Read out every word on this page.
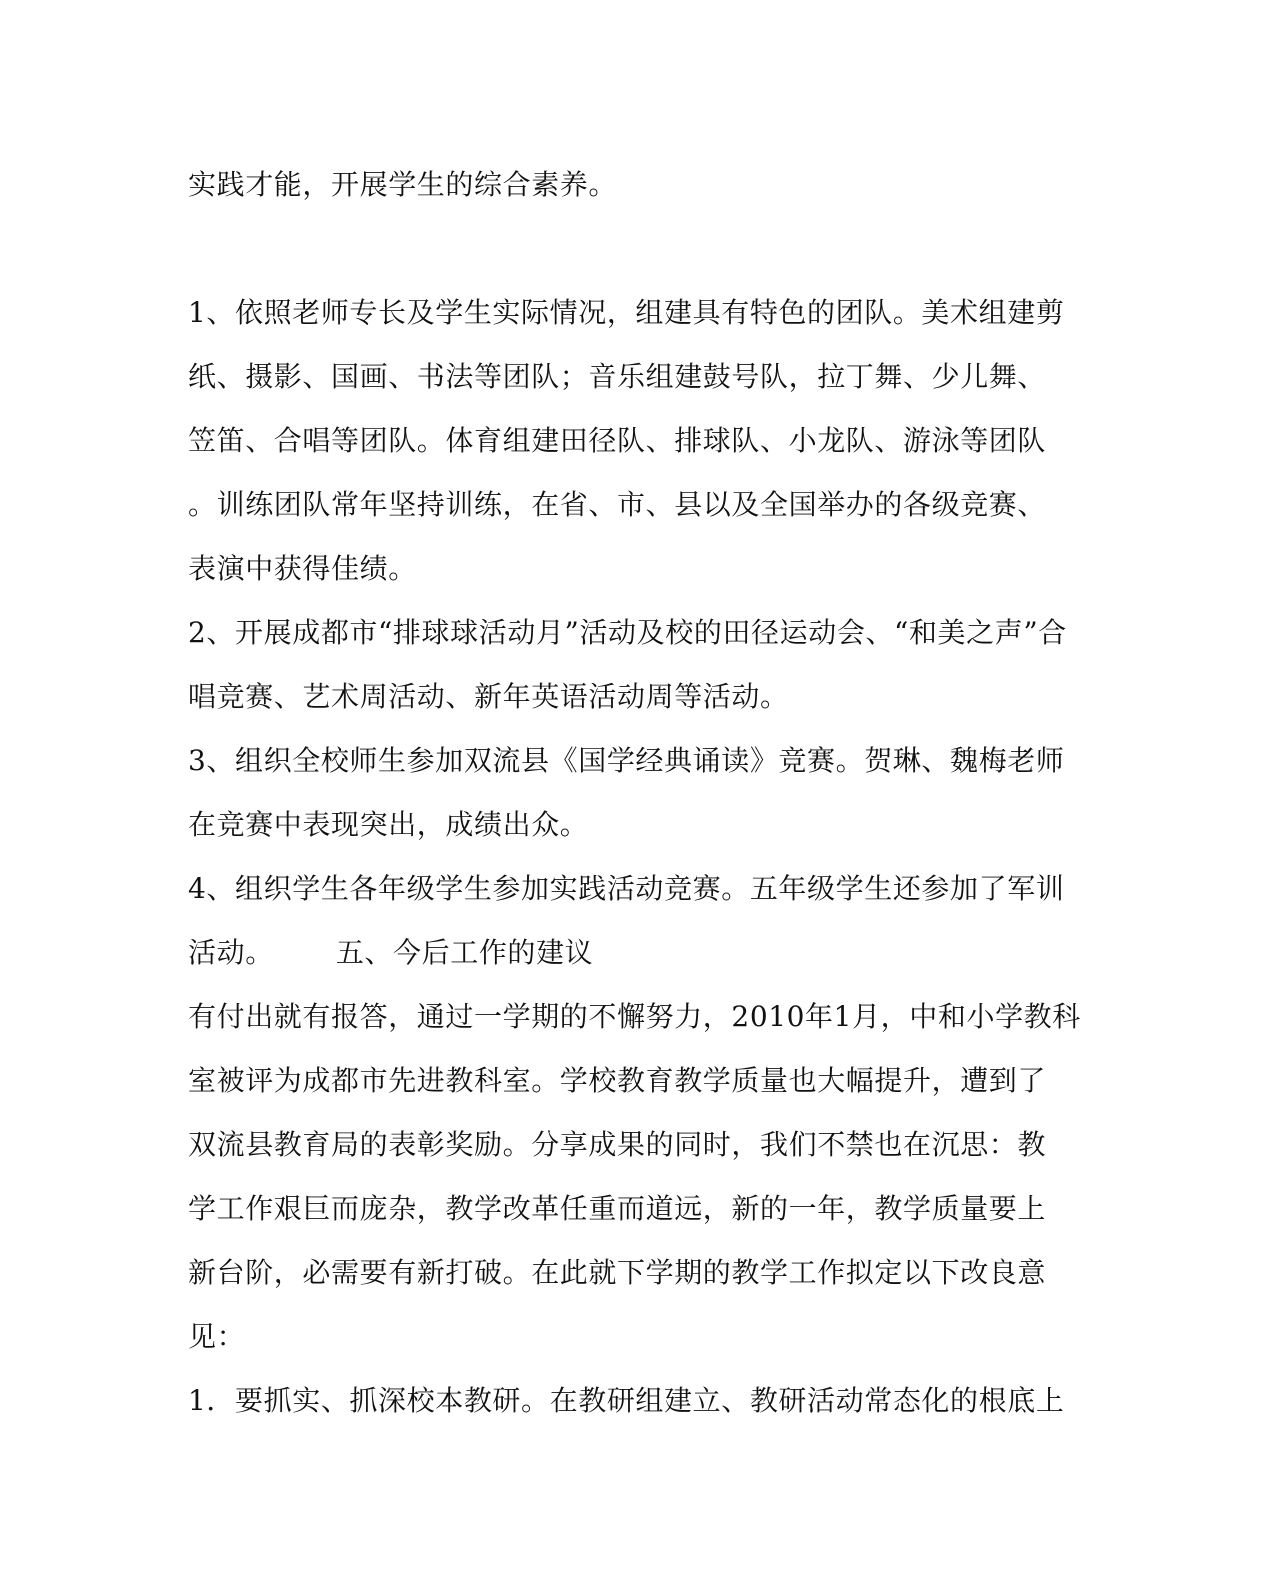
实践才能，开展学生的综合素养。
1、依照老师专长及学生实际情况，组建具有特色的团队。美术组建剪
纸、摄影、国画、书法等团队；音乐组建鼓号队，拉丁舞、少儿舞、
笠笛、合唱等团队。体育组建田径队、排球队、小龙队、游泳等团队
。训练团队常年坚持训练，在省、市、县以及全国举办的各级竞赛、
表演中获得佳绩。
2、开展成都市“排球球活动月”活动及校的田径运动会、“和美之声”合
唱竞赛、艺术周活动、新年英语活动周等活动。
3、组织全校师生参加双流县《国学经典诵读》竞赛。贺琳、魏梅老师
在竞赛中表现突出，成绩出众。
4、组织学生各年级学生参加实践活动竞赛。五年级学生还参加了军训
活动。 五、今后工作的建议
有付出就有报答，通过一学期的不懈努力，2010年1月，中和小学教科
室被评为成都市先进教科室。学校教育教学质量也大幅提升，遭到了
双流县教育局的表彰奖励。分享成果的同时，我们不禁也在沉思：教
学工作艰巨而庞杂，教学改革任重而道远，新的一年，教学质量要上
新台阶，必需要有新打破。在此就下学期的教学工作拟定以下改良意
见：
1．要抓实、抓深校本教研。在教研组建立、教研活动常态化的根底上
